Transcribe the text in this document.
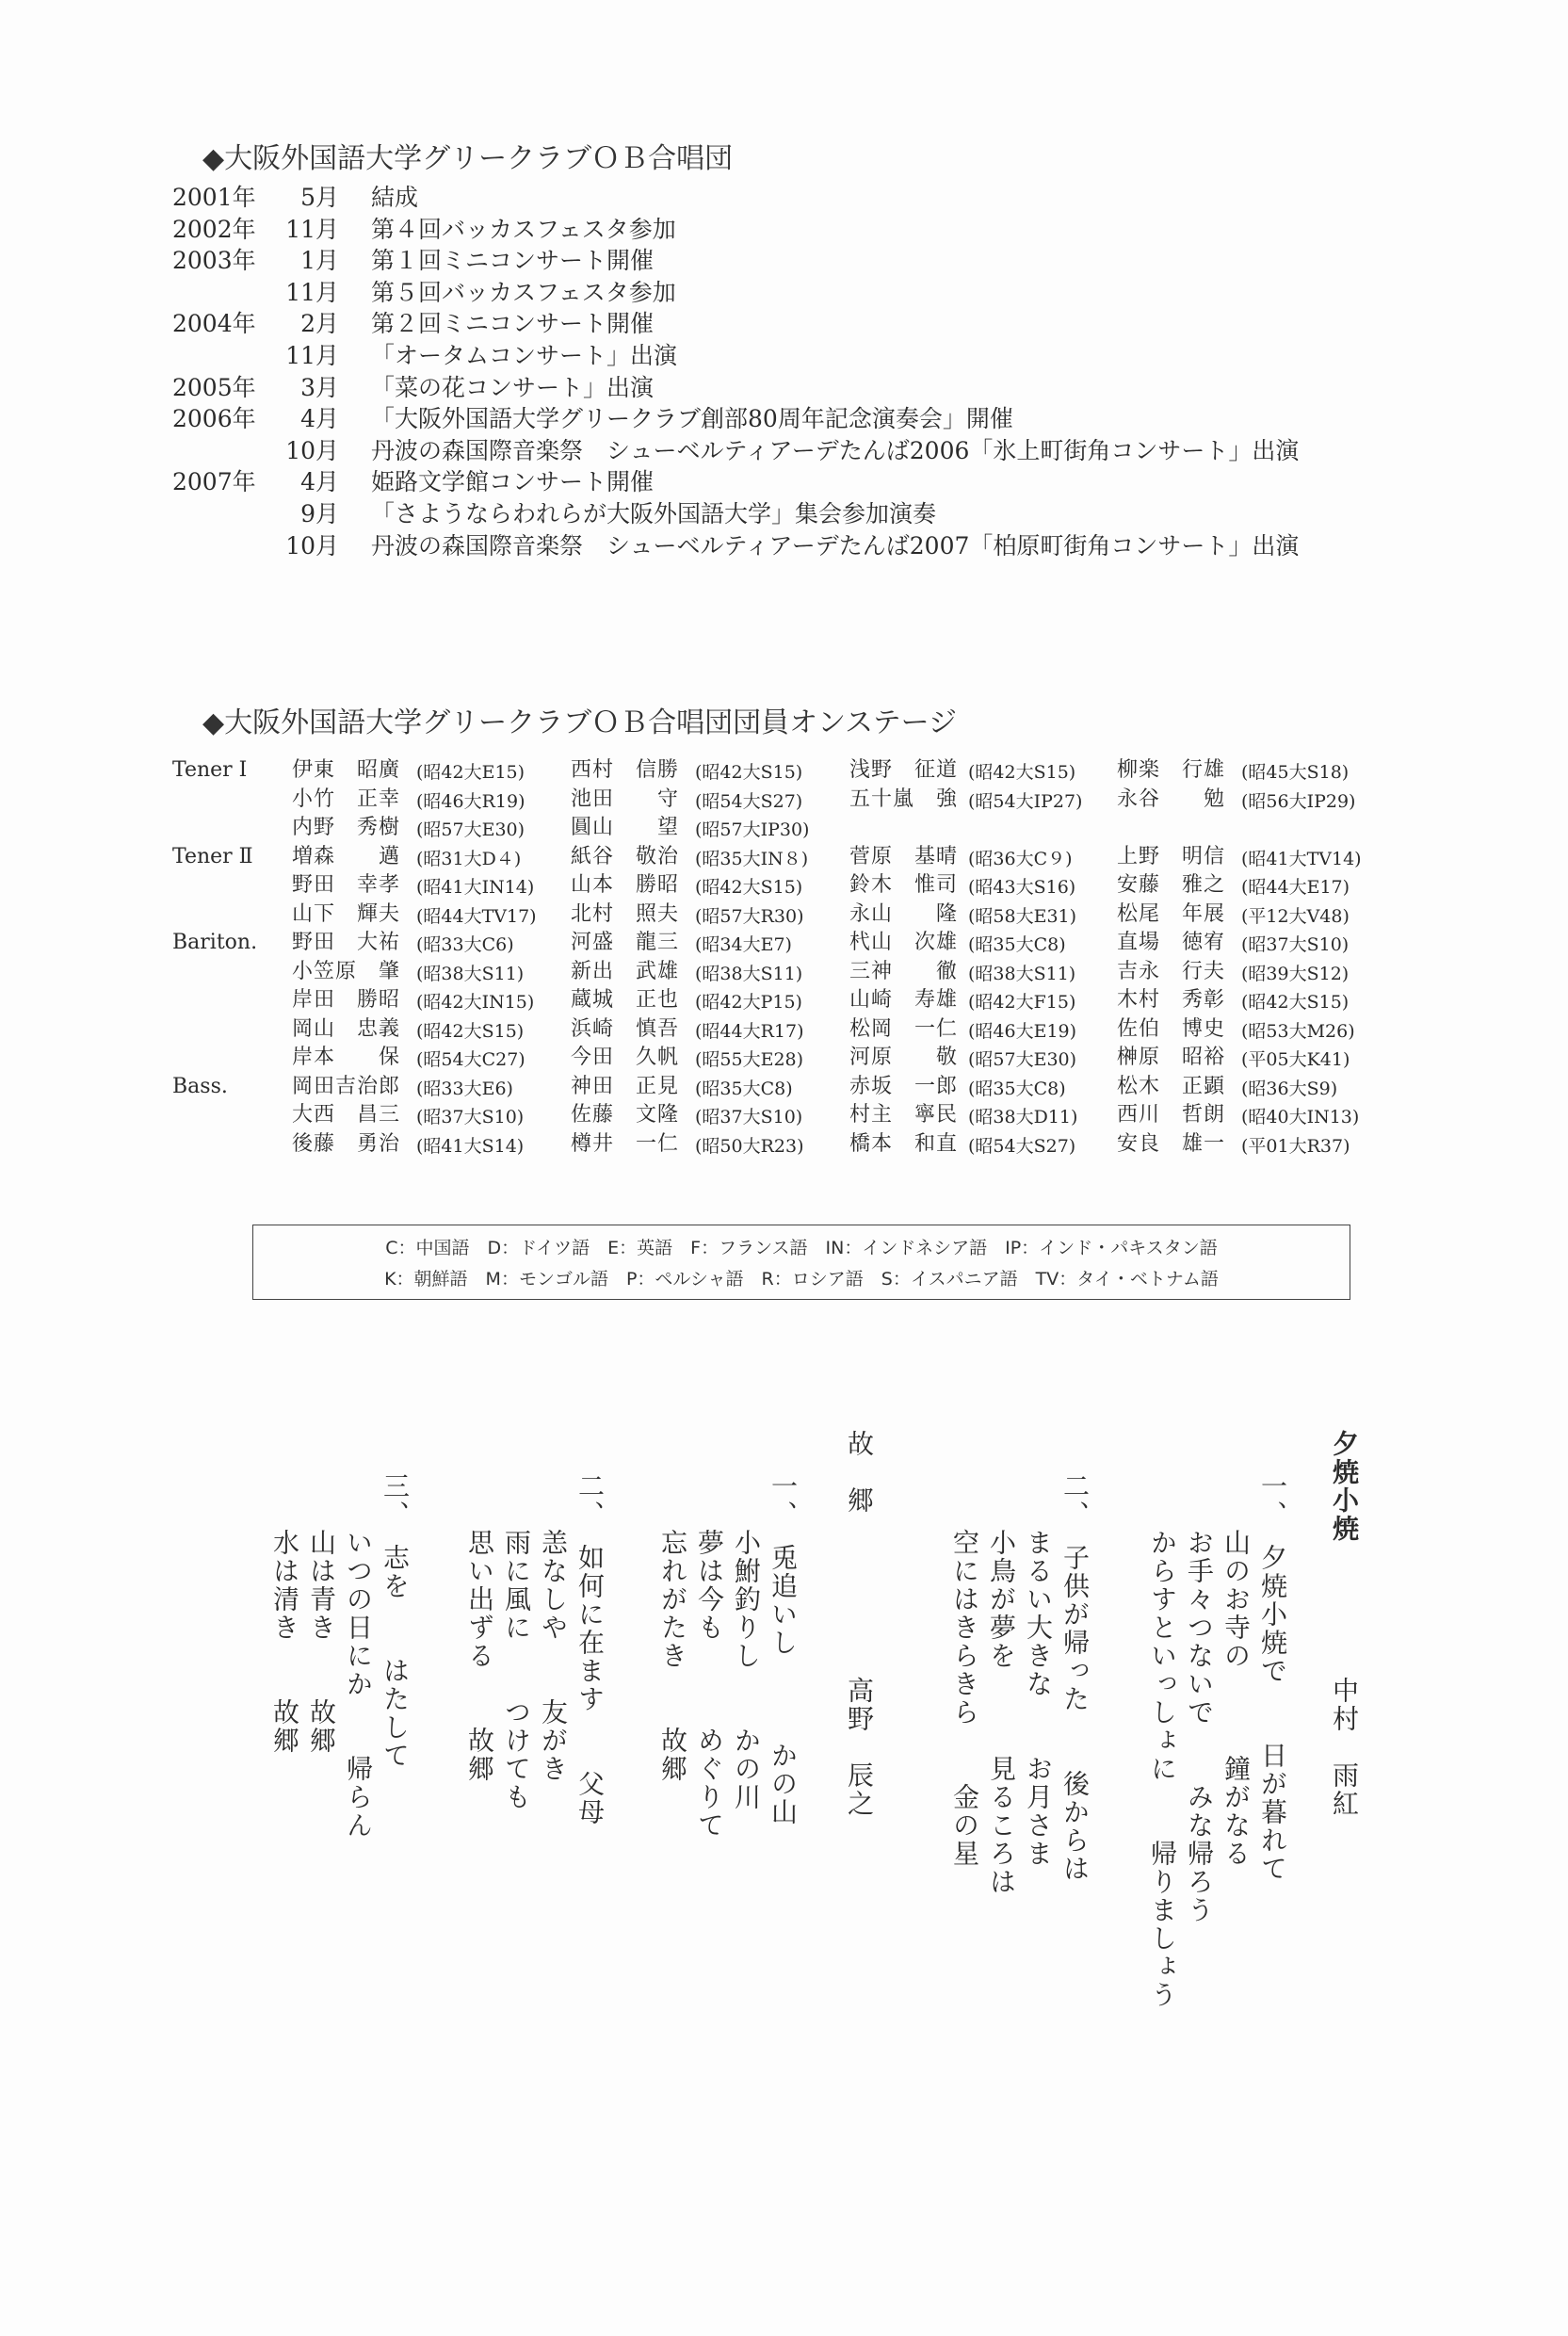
◆大阪外国語大学グリークラブＯＢ合唱団
2001年	5月	結成
2002年	11月	第４回バッカスフェスタ参加
2003年	1月	第１回ミニコンサート開催
11月	第５回バッカスフェスタ参加
2004年	2月	第２回ミニコンサート開催
11月	「オータムコンサート」出演
2005年	3月	「菜の花コンサート」出演
2006年	4月	「大阪外国語大学グリークラブ創部80周年記念演奏会」開催
10月	丹波の森国際音楽祭　シューベルティアーデたんば2006「氷上町街角コンサート」出演
2007年	4月	姫路文学館コンサート開催
9月	「さようならわれらが大阪外国語大学」集会参加演奏
10月	丹波の森国際音楽祭　シューベルティアーデたんば2007「柏原町街角コンサート」出演
◆大阪外国語大学グリークラブＯＢ合唱団団員オンステージ
Tener Ⅰ	伊東　昭廣 (昭42大E15)	西村　信勝 (昭42大S15)	浅野　征道 (昭42大S15)	柳楽　行雄 (昭45大S18)
小竹　正幸 (昭46大R19)	池田　　守 (昭54大S27)	五十嵐　強 (昭54大IP27)	永谷　　勉 (昭56大IP29)
内野　秀樹 (昭57大E30)	圓山　　望 (昭57大IP30)
Tener Ⅱ	増森　　邁 (昭31大D４)	紙谷　敬治 (昭35大IN８)	菅原　基晴 (昭36大C９)	上野　明信 (昭41大TV14)
野田　幸孝 (昭41大IN14)	山本　勝昭 (昭42大S15)	鈴木　惟司 (昭43大S16)	安藤　雅之 (昭44大E17)
山下　輝夫 (昭44大TV17)	北村　照夫 (昭57大R30)	永山　　隆 (昭58大E31)	松尾　年展 (平12大V48)
Bariton.	野田　大祐 (昭33大C6)	河盛　龍三 (昭34大E7)	杙山　次雄 (昭35大C8)	直場　徳宥 (昭37大S10)
小笠原　肇 (昭38大S11)	新出　武雄 (昭38大S11)	三神　　徹 (昭38大S11)	吉永　行夫 (昭39大S12)
岸田　勝昭 (昭42大IN15)	蔵城　正也 (昭42大P15)	山崎　寿雄 (昭42大F15)	木村　秀彰 (昭42大S15)
岡山　忠義 (昭42大S15)	浜崎　慎吾 (昭44大R17)	松岡　一仁 (昭46大E19)	佐伯　博史 (昭53大M26)
岸本　　保 (昭54大C27)	今田　久帆 (昭55大E28)	河原　　敬 (昭57大E30)	榊原　昭裕 (平05大K41)
Bass.	岡田吉治郎 (昭33大E6)	神田　正見 (昭35大C8)	赤坂　一郎 (昭35大C8)	松木　正顕 (昭36大S9)
大西　昌三 (昭37大S10)	佐藤　文隆 (昭37大S10)	村主　寧民 (昭38大D11)	西川　哲朗 (昭40大IN13)
後藤　勇治 (昭41大S14)	樽井　一仁 (昭50大R23)	橋本　和直 (昭54大S27)	安良　雄一 (平01大R37)
C：中国語　D：ドイツ語　E：英語　F：フランス語　IN：インドネシア語　IP：インド・パキスタン語
K：朝鮮語　M：モンゴル語　P：ペルシャ語　R：ロシア語　S：イスパニア語　TV：タイ・ベトナム語
夕焼小焼
中村　雨紅
一、　夕焼小焼で　　日が暮れて
　　山のお寺の　　　鐘がなる
　　お手々つないで　　みな帰ろう
　　からすといっしょに　　帰りましょう
二、　子供が帰った　　後からは
　　まるい大きな　　お月さま
　　小鳥が夢を　　　見るころは
　　空にはきらきら　　金の星
故　郷
高野　辰之
一、　兎追いし　　　かの山
　　小鮒釣りし　　かの川
　　夢は今も　　　めぐりて
　　忘れがたき　　故郷
二、　如何に在ます　　父母
　　恙なしや　　友がき
　　雨に風に　　つけても
　　思い出ずる　　故郷
三、　志を　　はたして
　　いつの日にか　　帰らん
　　山は青き　　故郷
　　水は清き　　故郷
